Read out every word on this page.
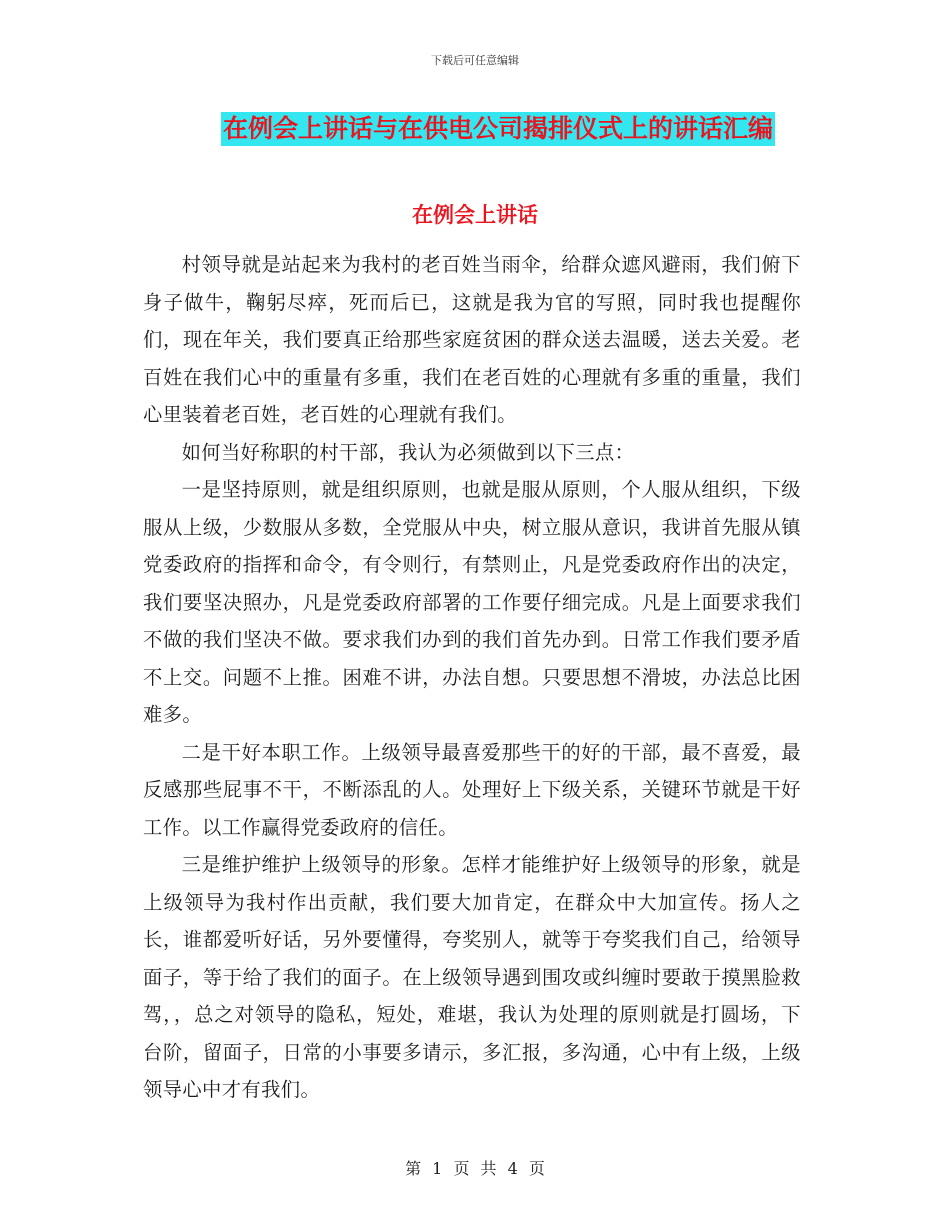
下载后可任意编辑
在例会上讲话与在供电公司揭排仪式上的讲话汇编
在例会上讲话

村领导就是站起来为我村的老百姓当雨伞，给群众遮风避雨，我们俯下身子做牛，鞠躬尽瘁，死而后已，这就是我为官的写照，同时我也提醒你们，现在年关，我们要真正给那些家庭贫困的群众送去温暖，送去关爱。老百姓在我们心中的重量有多重，我们在老百姓的心理就有多重的重量，我们心里装着老百姓，老百姓的心理就有我们。

如何当好称职的村干部，我认为必须做到以下三点：

一是坚持原则，就是组织原则，也就是服从原则，个人服从组织，下级服从上级，少数服从多数，全党服从中央，树立服从意识，我讲首先服从镇党委政府的指挥和命令，有令则行，有禁则止，凡是党委政府作出的决定，我们要坚决照办，凡是党委政府部署的工作要仔细完成。凡是上面要求我们不做的我们坚决不做。要求我们办到的我们首先办到。日常工作我们要矛盾不上交。问题不上推。困难不讲，办法自想。只要思想不滑坡，办法总比困难多。

二是干好本职工作。上级领导最喜爱那些干的好的干部，最不喜爱，最反感那些屁事不干，不断添乱的人。处理好上下级关系，关键环节就是干好工作。以工作赢得党委政府的信任。

三是维护维护上级领导的形象。怎样才能维护好上级领导的形象，就是上级领导为我村作出贡献，我们要大加肯定，在群众中大加宣传。扬人之长，谁都爱听好话，另外要懂得，夸奖别人，就等于夸奖我们自己，给领导面子，等于给了我们的面子。在上级领导遇到围攻或纠缠时要敢于摸黑脸救驾，，总之对领导的隐私，短处，难堪，我认为处理的原则就是打圆场，下台阶，留面子，日常的小事要多请示，多汇报，多沟通，心中有上级，上级领导心中才有我们。

第 1 页 共 4 页
